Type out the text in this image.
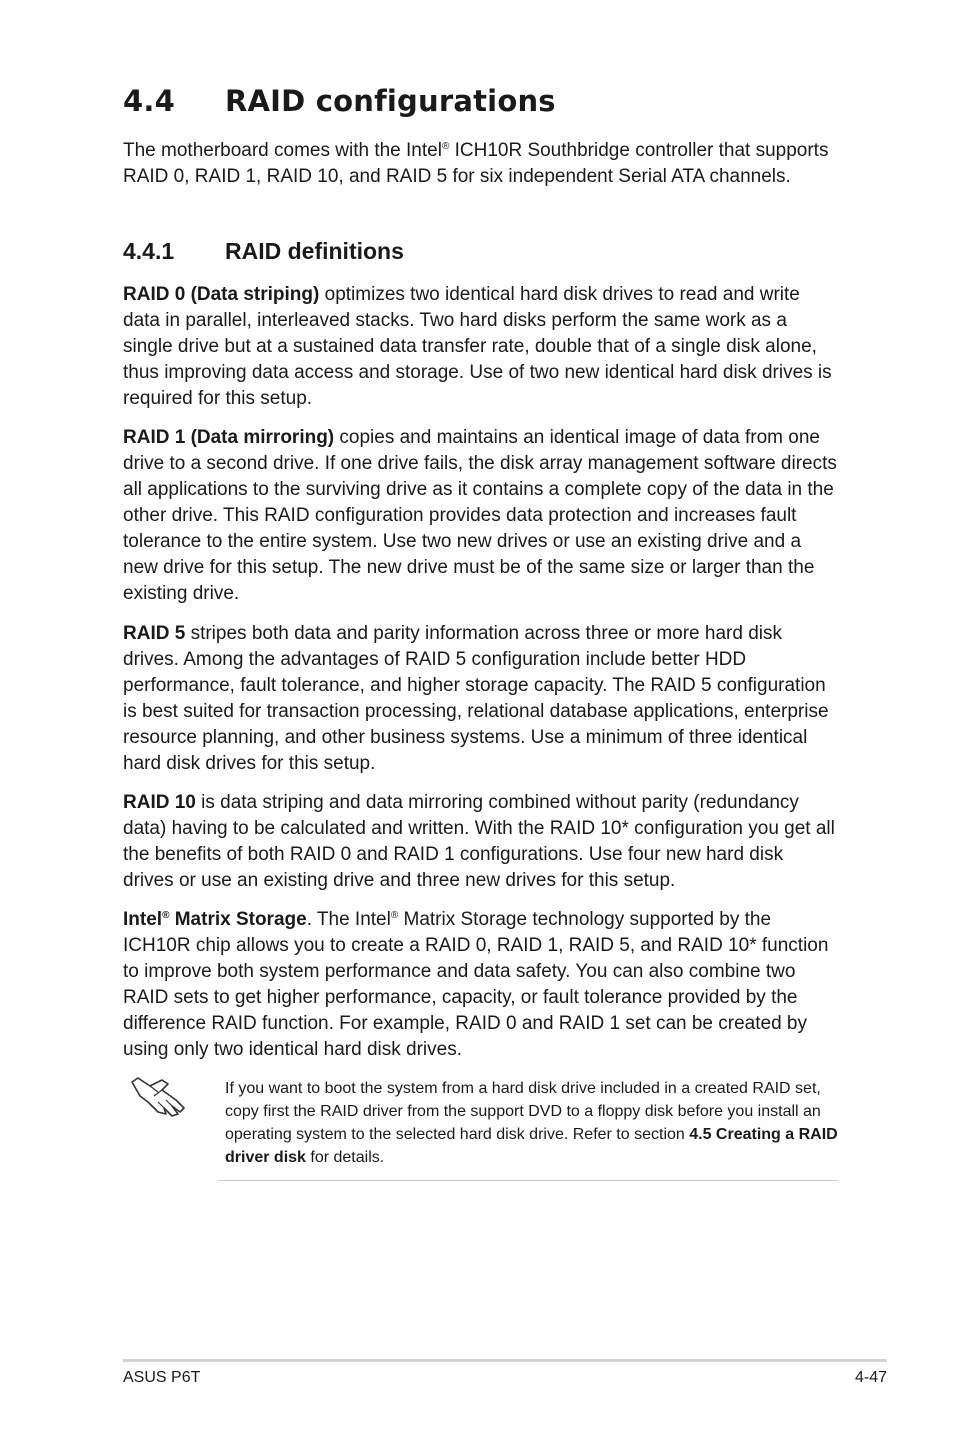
4.4 RAID configurations

The motherboard comes with the Intel® ICH10R Southbridge controller that supports RAID 0, RAID 1, RAID 10, and RAID 5 for six independent Serial ATA channels.

4.4.1 RAID definitions

RAID 0 (Data striping) optimizes two identical hard disk drives to read and write data in parallel, interleaved stacks. Two hard disks perform the same work as a single drive but at a sustained data transfer rate, double that of a single disk alone, thus improving data access and storage. Use of two new identical hard disk drives is required for this setup.

RAID 1 (Data mirroring) copies and maintains an identical image of data from one drive to a second drive. If one drive fails, the disk array management software directs all applications to the surviving drive as it contains a complete copy of the data in the other drive. This RAID configuration provides data protection and increases fault tolerance to the entire system. Use two new drives or use an existing drive and a new drive for this setup. The new drive must be of the same size or larger than the existing drive.

RAID 5 stripes both data and parity information across three or more hard disk drives. Among the advantages of RAID 5 configuration include better HDD performance, fault tolerance, and higher storage capacity. The RAID 5 configuration is best suited for transaction processing, relational database applications, enterprise resource planning, and other business systems. Use a minimum of three identical hard disk drives for this setup.

RAID 10 is data striping and data mirroring combined without parity (redundancy data) having to be calculated and written. With the RAID 10* configuration you get all the benefits of both RAID 0 and RAID 1 configurations. Use four new hard disk drives or use an existing drive and three new drives for this setup.

Intel® Matrix Storage. The Intel® Matrix Storage technology supported by the ICH10R chip allows you to create a RAID 0, RAID 1, RAID 5, and RAID 10* function to improve both system performance and data safety. You can also combine two RAID sets to get higher performance, capacity, or fault tolerance provided by the difference RAID function. For example, RAID 0 and RAID 1 set can be created by using only two identical hard disk drives.

If you want to boot the system from a hard disk drive included in a created RAID set, copy first the RAID driver from the support DVD to a floppy disk before you install an operating system to the selected hard disk drive. Refer to section 4.5 Creating a RAID driver disk for details.

ASUS P6T	4-47
